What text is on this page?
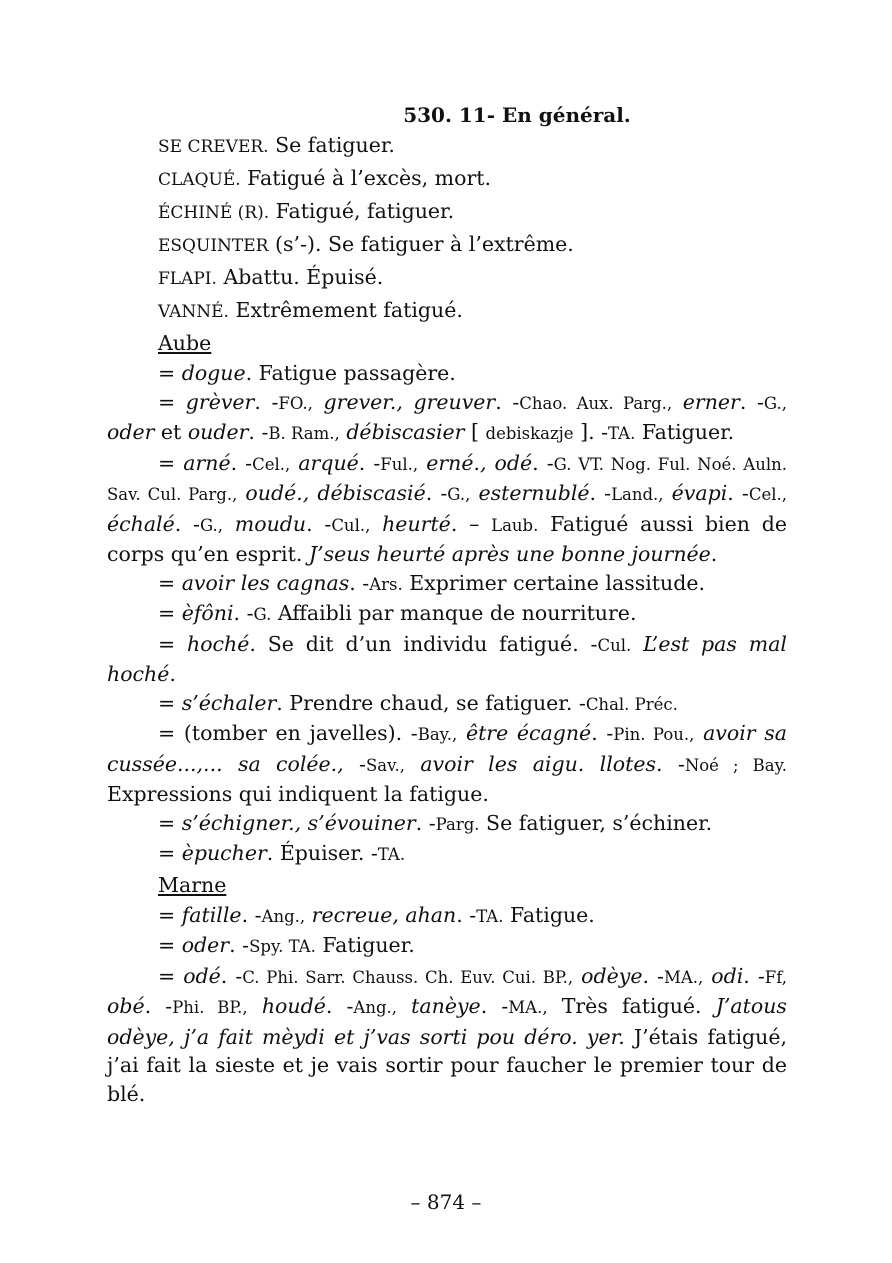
530. 11- En général.
SE CREVER. Se fatiguer.
CLAQUÉ. Fatigué à l’excès, mort.
ÉCHINÉ (R). Fatigué, fatiguer.
ESQUINTER (s’-). Se fatiguer à l’extrême.
FLAPI. Abattu. Épuisé.
VANNÉ. Extrêmement fatigué.
Aube
= dogue. Fatigue passagère.
= grèver. -FO., grever., greuver. -Chao. Aux. Parg., erner. -G., oder et ouder. -B. Ram., débiscasier [ debiskazje ]. -TA. Fatiguer.
= arné. -Cel., arqué. -Ful., erné., odé. -G. VT. Nog. Ful. Noé. Auln. Sav. Cul. Parg., oudé., débiscasié. -G., esternublé. -Land., évapi. -Cel., échalé. -G., moudu. -Cul., heurté. – Laub. Fatigué aussi bien de corps qu’en esprit. J’seus heurté après une bonne journée.
= avoir les cagnas. -Ars. Exprimer certaine lassitude.
= èfôni. -G. Affaibli par manque de nourriture.
= hoché. Se dit d’un individu fatigué. -Cul. L’est pas mal hoché.
= s’échaler. Prendre chaud, se fatiguer. -Chal. Préc.
= (tomber en javelles). -Bay., être écagné. -Pin. Pou., avoir sa cussée...,... sa colée., -Sav., avoir les aigu. llotes. -Noé ; Bay. Expressions qui indiquent la fatigue.
= s’échigner., s’évouiner. -Parg. Se fatiguer, s’échiner.
= èpucher. Épuiser. -TA.
Marne
= fatille. -Ang., recreue, ahan. -TA. Fatigue.
= oder. -Spy. TA. Fatiguer.
= odé. -C. Phi. Sarr. Chauss. Ch. Euv. Cui. BP., odèye. -MA., odi. -Ff, obé. -Phi. BP., houdé. -Ang., tanèye. -MA., Très fatigué. J’atous odèye, j’a fait mèydi et j’vas sorti pou déro. yer. J’étais fatigué, j’ai fait la sieste et je vais sortir pour faucher le premier tour de blé.
– 874 –
